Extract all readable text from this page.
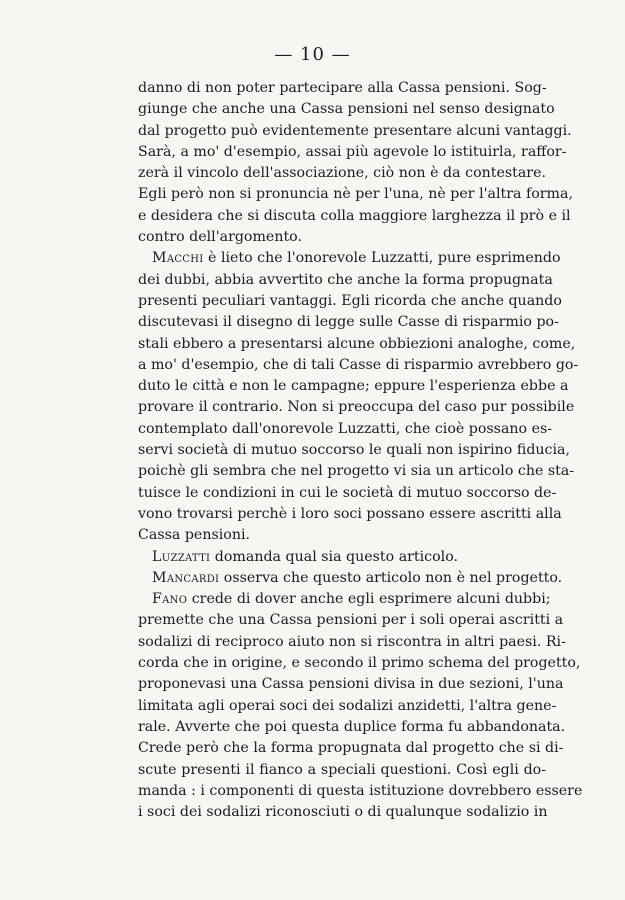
— 10 —
danno di non poter partecipare alla Cassa pensioni. Sog-
giunge che anche una Cassa pensioni nel senso designato
dal progetto può evidentemente presentare alcuni vantaggi.
Sarà, a mo' d'esempio, assai più agevole lo istituirla, raffor-
zerà il vincolo dell'associazione, ciò non è da contestare.
Egli però non si pronuncia nè per l'una, nè per l'altra forma,
e desidera che si discuta colla maggiore larghezza il prò e il
contro dell'argomento.
Macchi è lieto che l'onorevole Luzzatti, pure esprimendo
dei dubbi, abbia avvertito che anche la forma propugnata
presenti peculiari vantaggi. Egli ricorda che anche quando
discutevasi il disegno di legge sulle Casse di risparmio po-
stali ebbero a presentarsi alcune obbiezioni analoghe, come,
a mo' d'esempio, che di tali Casse di risparmio avrebbero go-
duto le città e non le campagne; eppure l'esperienza ebbe a
provare il contrario. Non si preoccupa del caso pur possibile
contemplato dall'onorevole Luzzatti, che cioè possano es-
servi società di mutuo soccorso le quali non ispirino fiducia,
poichè gli sembra che nel progetto vi sia un articolo che sta-
tuisce le condizioni in cui le società di mutuo soccorso de-
vono trovarsi perchè i loro soci possano essere ascritti alla
Cassa pensioni.
Luzzatti domanda qual sia questo articolo.
Mancardi osserva che questo articolo non è nel progetto.
Fano crede di dover anche egli esprimere alcuni dubbi;
premette che una Cassa pensioni per i soli operai ascritti a
sodalizi di reciproco aiuto non si riscontra in altri paesi. Ri-
corda che in origine, e secondo il primo schema del progetto,
proponevasi una Cassa pensioni divisa in due sezioni, l'una
limitata agli operai soci dei sodalizi anzidetti, l'altra gene-
rale. Avverte che poi questa duplice forma fu abbandonata.
Crede però che la forma propugnata dal progetto che si di-
scute presenti il fianco a speciali questioni. Così egli do-
manda : i componenti di questa istituzione dovrebbero essere
i soci dei sodalizi riconosciuti o di qualunque sodalizio in
